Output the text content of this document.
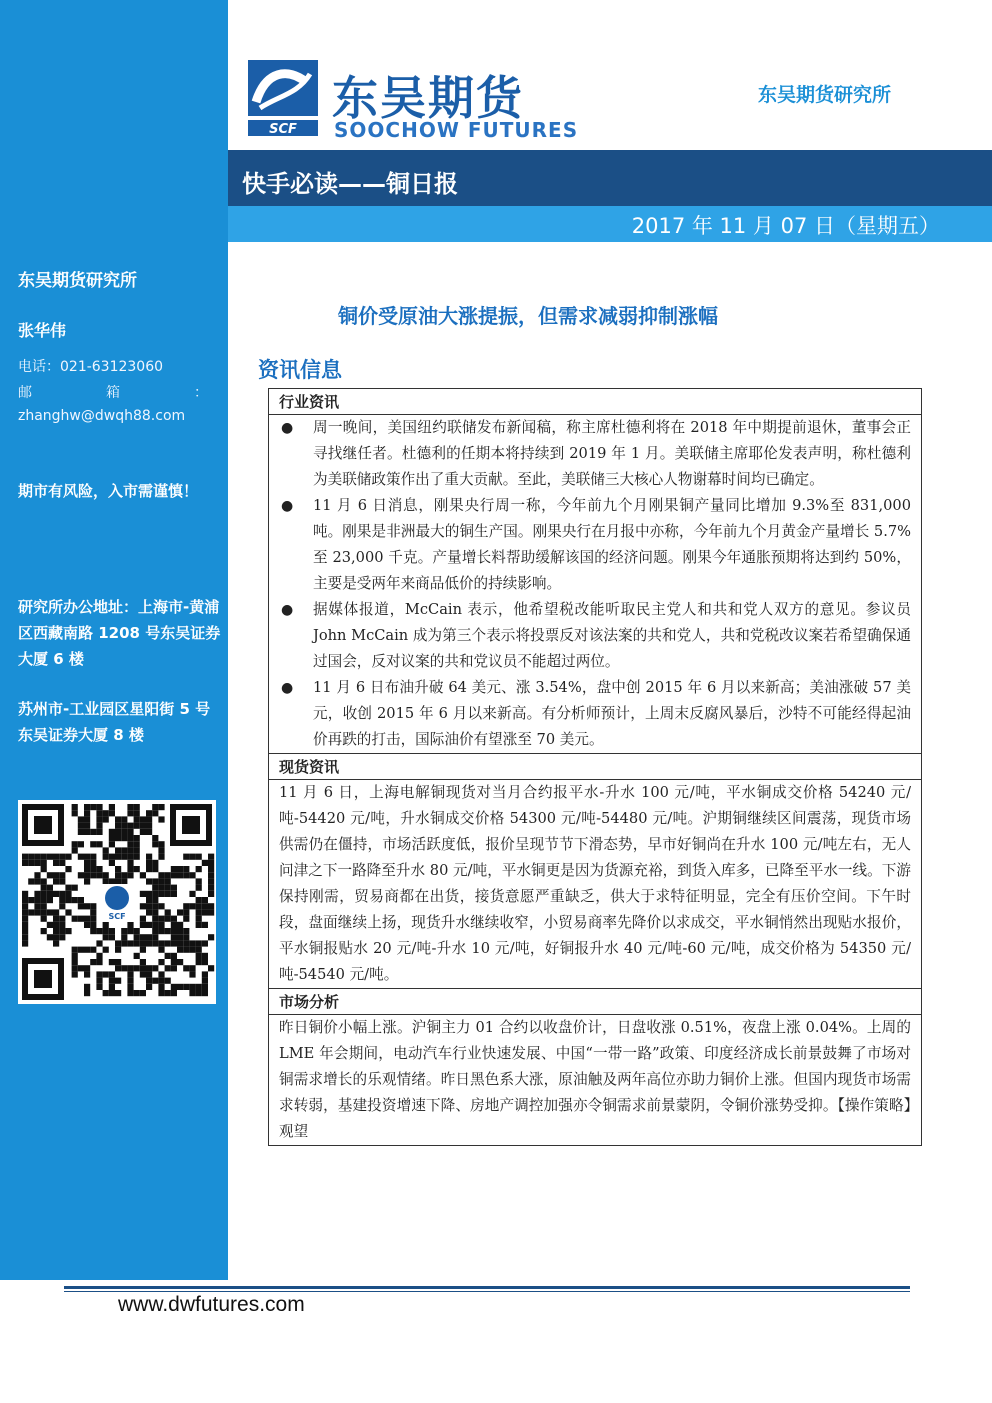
东吴期货研究所
张华伟
电话：021-63123060
邮	箱	：
zhanghw@dwqh88.com
期市有风险，入市需谨慎！
研究所办公地址：上海市-黄浦区西藏南路 1208 号东吴证券大厦 6 楼
苏州市-工业园区星阳街 5 号东吴证券大厦 8 楼
SCF
SCF
东吴期货
SOOCHOW FUTURES
东吴期货研究所
快手必读——铜日报
2017 年 11 月 07 日（星期五）
铜价受原油大涨提振，但需求减弱抑制涨幅
资讯信息
行业资讯
●	周一晚间，美国纽约联储发布新闻稿，称主席杜德利将在 2018 年中期提前退休，董事会正寻找继任者。杜德利的任期本将持续到 2019 年 1 月。美联储主席耶伦发表声明，称杜德利为美联储政策作出了重大贡献。至此，美联储三大核心人物谢幕时间均已确定。
●	11 月 6 日消息，刚果央行周一称，今年前九个月刚果铜产量同比增加 9.3%至 831,000 吨。刚果是非洲最大的铜生产国。刚果央行在月报中亦称，今年前九个月黄金产量增长 5.7%至 23,000 千克。产量增长料帮助缓解该国的经济问题。刚果今年通胀预期将达到约 50%，主要是受两年来商品低价的持续影响。
●	据媒体报道，McCain 表示，他希望税改能听取民主党人和共和党人双方的意见。参议员 John McCain 成为第三个表示将投票反对该法案的共和党人，共和党税改议案若希望确保通过国会，反对议案的共和党议员不能超过两位。
●	11 月 6 日布油升破 64 美元、涨 3.54%，盘中创 2015 年 6 月以来新高；美油涨破 57 美元，收创 2015 年 6 月以来新高。有分析师预计，上周末反腐风暴后，沙特不可能经得起油价再跌的打击，国际油价有望涨至 70 美元。
现货资讯
11 月 6 日，上海电解铜现货对当月合约报平水-升水 100 元/吨，平水铜成交价格 54240 元/吨-54420 元/吨，升水铜成交价格 54300 元/吨-54480 元/吨。沪期铜继续区间震荡，现货市场供需仍在僵持，市场活跃度低，报价呈现节节下滑态势，早市好铜尚在升水 100 元/吨左右，无人问津之下一路降至升水 80 元/吨，平水铜更是因为货源充裕，到货入库多，已降至平水一线。下游保持刚需，贸易商都在出货，接货意愿严重缺乏，供大于求特征明显，完全有压价空间。下午时段，盘面继续上扬，现货升水继续收窄，小贸易商率先降价以求成交，平水铜悄然出现贴水报价，平水铜报贴水 20 元/吨-升水 10 元/吨，好铜报升水 40 元/吨-60 元/吨，成交价格为 54350 元/吨-54540 元/吨。
市场分析
昨日铜价小幅上涨。沪铜主力 01 合约以收盘价计，日盘收涨 0.51%，夜盘上涨 0.04%。上周的 LME 年会期间，电动汽车行业快速发展、中国“一带一路”政策、印度经济成长前景鼓舞了市场对铜需求增长的乐观情绪。昨日黑色系大涨，原油触及两年高位亦助力铜价上涨。但国内现货市场需求转弱，基建投资增速下降、房地产调控加强亦令铜需求前景蒙阴，令铜价涨势受抑。【操作策略】观望
www.dwfutures.com
